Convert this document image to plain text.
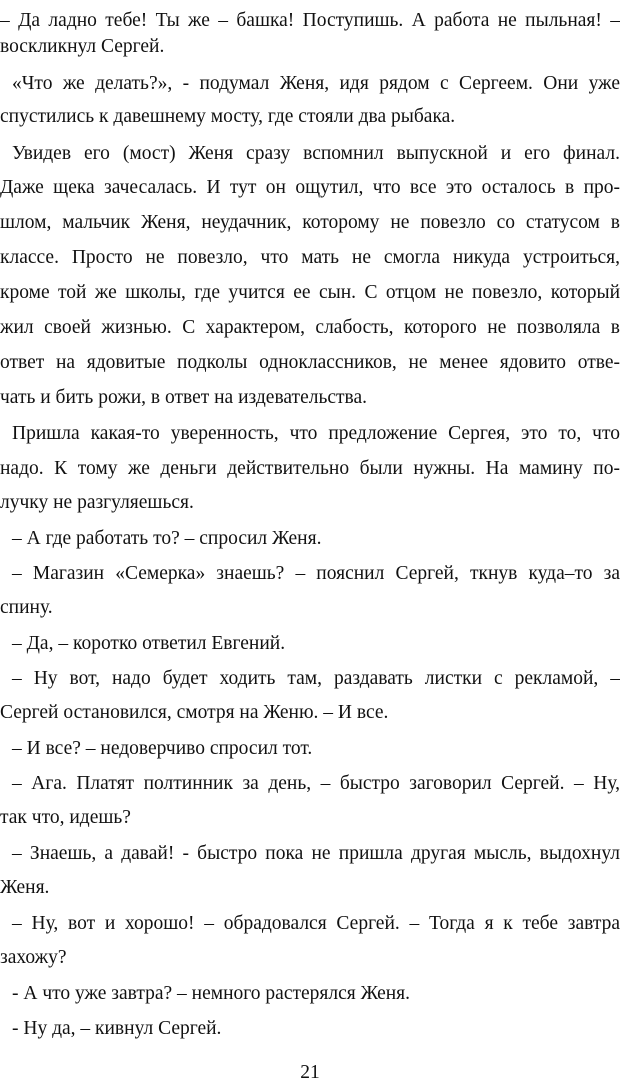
– Да ладно тебе! Ты же – башка! Поступишь. А работа не пыльная! –
воскликнул Сергей.
«Что же делать?», - подумал Женя, идя рядом с Сергеем. Они уже
спустились к давешнему мосту, где стояли два рыбака.
Увидев его (мост) Женя сразу вспомнил выпускной и его финал.
Даже щека зачесалась. И тут он ощутил, что все это осталось в про-
шлом, мальчик Женя, неудачник, которому не повезло со статусом в
классе. Просто не повезло, что мать не смогла никуда устроиться,
кроме той же школы, где учится ее сын. С отцом не повезло, который
жил своей жизнью. С характером, слабость, которого не позволяла в
ответ на ядовитые подколы одноклассников, не менее ядовито отве-
чать и бить рожи, в ответ на издевательства.
Пришла какая-то уверенность, что предложение Сергея, это то, что
надо. К тому же деньги действительно были нужны. На мамину по-
лучку не разгуляешься.
– А где работать то? – спросил Женя.
– Магазин «Семерка» знаешь? – пояснил Сергей, ткнув куда–то за
спину.
– Да, – коротко ответил Евгений.
– Ну вот, надо будет ходить там, раздавать листки с рекламой, –
Сергей остановился, смотря на Женю. – И все.
– И все? – недоверчиво спросил тот.
– Ага. Платят полтинник за день, – быстро заговорил Сергей. – Ну,
так что, идешь?
– Знаешь, а давай! - быстро пока не пришла другая мысль, выдохнул
Женя.
– Ну, вот и хорошо! – обрадовался Сергей. – Тогда я к тебе завтра
захожу?
- А что уже завтра? – немного растерялся Женя.
- Ну да, – кивнул Сергей.
21
